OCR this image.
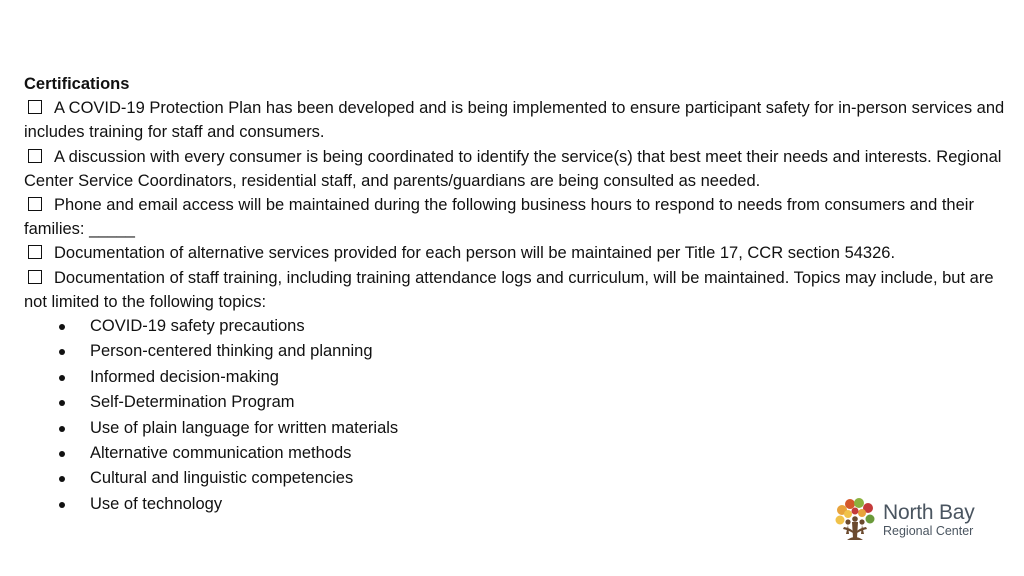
Certifications

A COVID-19 Protection Plan has been developed and is being implemented to ensure participant safety for in-person services and includes training for staff and consumers.

A discussion with every consumer is being coordinated to identify the service(s) that best meet their needs and interests. Regional Center Service Coordinators, residential staff, and parents/guardians are being consulted as needed.

Phone and email access will be maintained during the following business hours to respond to needs from consumers and their families: _____

Documentation of alternative services provided for each person will be maintained per Title 17, CCR section 54326.

Documentation of staff training, including training attendance logs and curriculum, will be maintained. Topics may include, but are not limited to the following topics:

COVID-19 safety precautions
Person-centered thinking and planning
Informed decision-making
Self-Determination Program
Use of plain language for written materials
Alternative communication methods
Cultural and linguistic competencies
Use of technology	North Bay
Regional Center
